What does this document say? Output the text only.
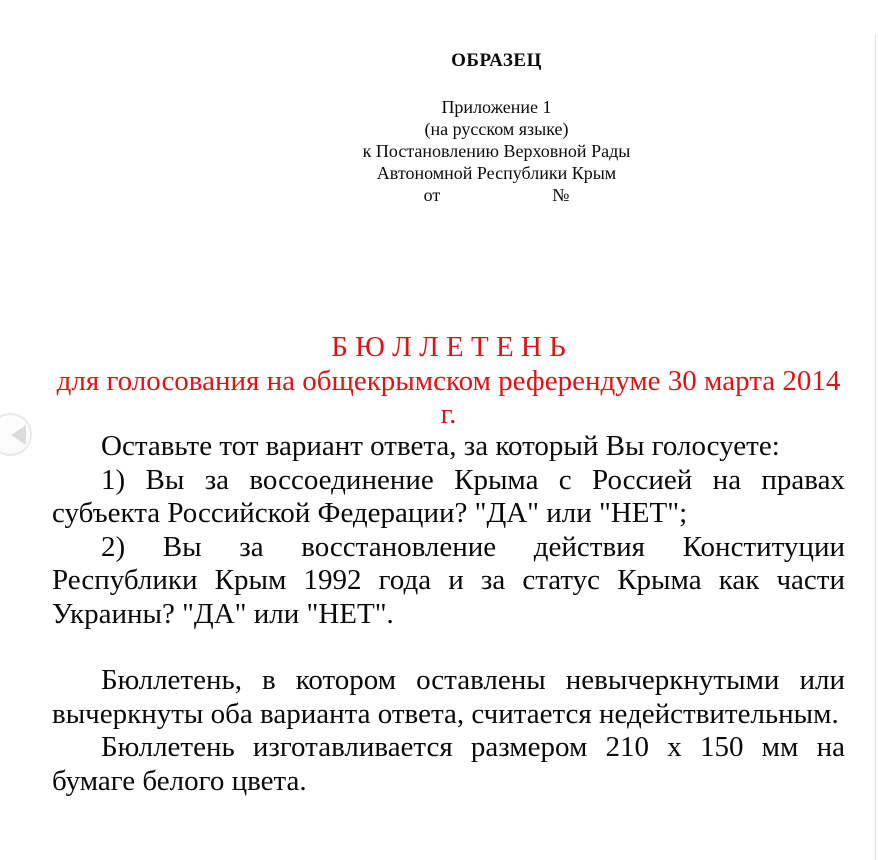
ОБРАЗЕЦ
Приложение 1
(на русском языке)
к Постановлению Верховной Рады
Автономной Республики Крым
от	№
Б Ю Л Л Е Т Е Н Ь
для голосования на общекрымском референдуме 30 марта 2014 г.

Оставьте тот вариант ответа, за который Вы голосуете:

1) Вы за воссоединение Крыма с Россией на правах субъекта Российской Федерации? "ДА" или "НЕТ";

2) Вы за восстановление действия Конституции Республики Крым 1992 года и за статус Крыма как части Украины? "ДА" или "НЕТ".

Бюллетень, в котором оставлены невычеркнутыми или вычеркнуты оба варианта ответа, считается недействительным.

Бюллетень изготавливается размером 210 х 150 мм на бумаге белого цвета.
